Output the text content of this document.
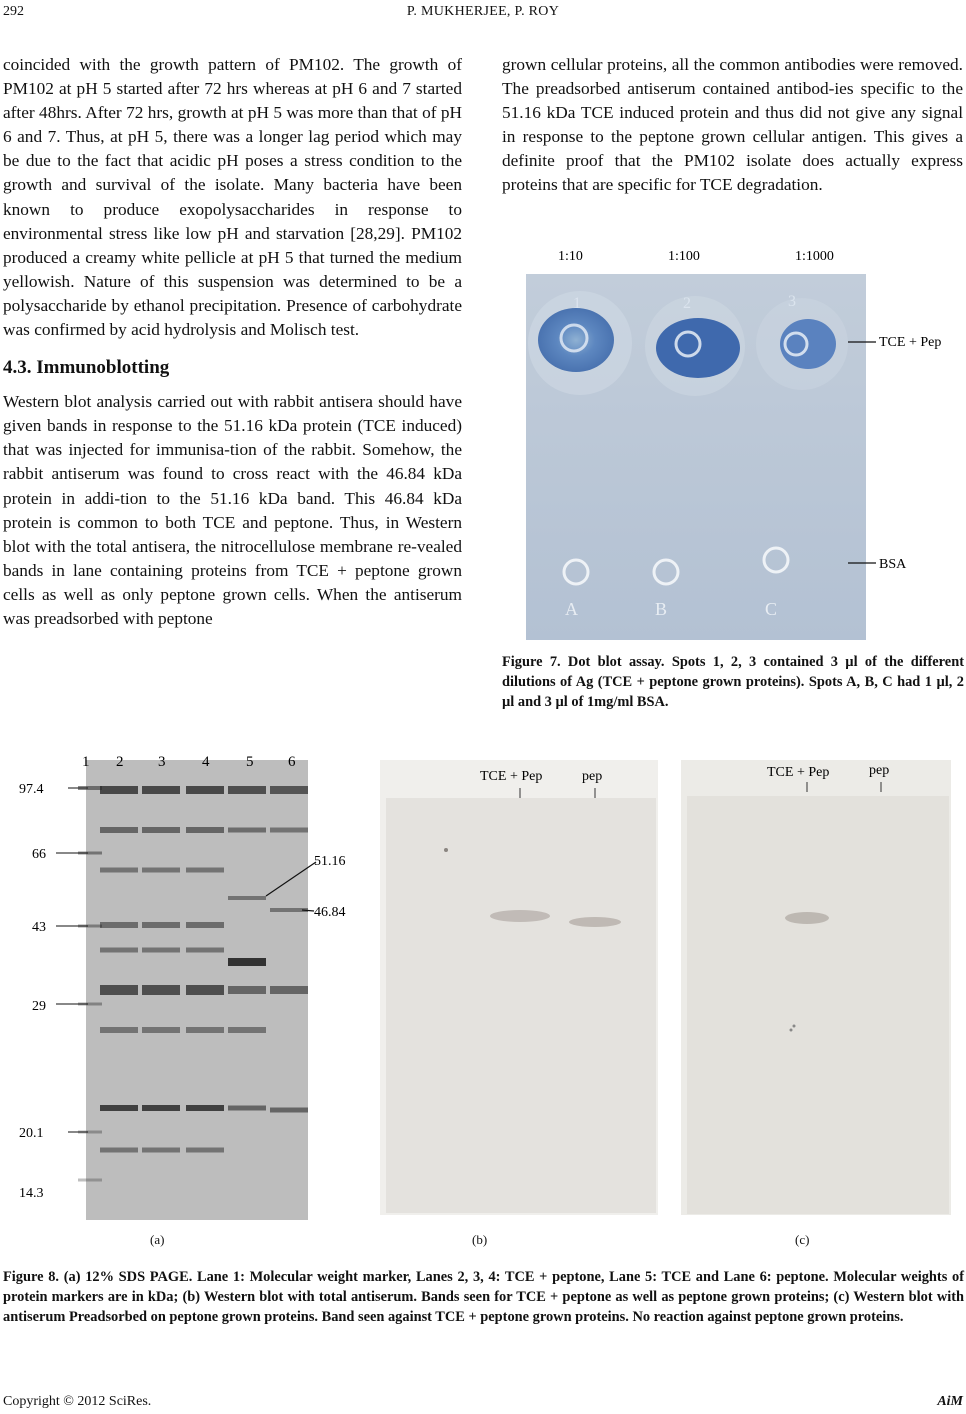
292	P. MUKHERJEE, P. ROY

coincided with the growth pattern of PM102. The growth of PM102 at pH 5 started after 72 hrs whereas at pH 6 and 7 started after 48hrs. After 72 hrs, growth at pH 5 was more than that of pH 6 and 7. Thus, at pH 5, there was a longer lag period which may be due to the fact that acidic pH poses a stress condition to the growth and survival of the isolate. Many bacteria have been known to produce exopolysaccharides in response to environmental stress like low pH and starvation [28,29]. PM102 produced a creamy white pellicle at pH 5 that turned the medium yellowish. Nature of this suspension was determined to be a polysaccharide by ethanol precipitation. Presence of carbohydrate was confirmed by acid hydrolysis and Molisch test.

4.3. Immunoblotting

Western blot analysis carried out with rabbit antisera should have given bands in response to the 51.16 kDa protein (TCE induced) that was injected for immunisa-tion of the rabbit. Somehow, the rabbit antiserum was found to cross react with the 46.84 kDa protein in addi-tion to the 51.16 kDa band. This 46.84 kDa protein is common to both TCE and peptone. Thus, in Western blot with the total antisera, the nitrocellulose membrane re-vealed bands in lane containing proteins from TCE + peptone grown cells as well as only peptone grown cells. When the antiserum was preadsorbed with peptone

grown cellular proteins, all the common antibodies were removed. The preadsorbed antiserum contained antibod-ies specific to the 51.16 kDa TCE induced protein and thus did not give any signal in response to the peptone grown cellular antigen. This gives a definite proof that the PM102 isolate does actually express proteins that are specific for TCE degradation.

1:10	1:100	1:1000
1	2	3
A	B	C
TCE + Pep
BSA
Figure 7. Dot blot assay. Spots 1, 2, 3 contained 3 µl of the different dilutions of Ag (TCE + peptone grown proteins). Spots A, B, C had 1 µl, 2 µl and 3 µl of 1mg/ml BSA.
1 2 3 4 5 6
97.4
66
43
29
20.1
14.3
51.16
46.84
(a)
TCE + Pep	pep
(b)
TCE + Pep	pep
(c)
Figure 8. (a) 12% SDS PAGE. Lane 1: Molecular weight marker, Lanes 2, 3, 4: TCE + peptone, Lane 5: TCE and Lane 6: peptone. Molecular weights of protein markers are in kDa; (b) Western blot with total antiserum. Bands seen for TCE + peptone as well as peptone grown proteins; (c) Western blot with antiserum Preadsorbed on peptone grown proteins. Band seen against TCE + peptone grown proteins. No reaction against peptone grown proteins.
Copyright © 2012 SciRes.	AiM
